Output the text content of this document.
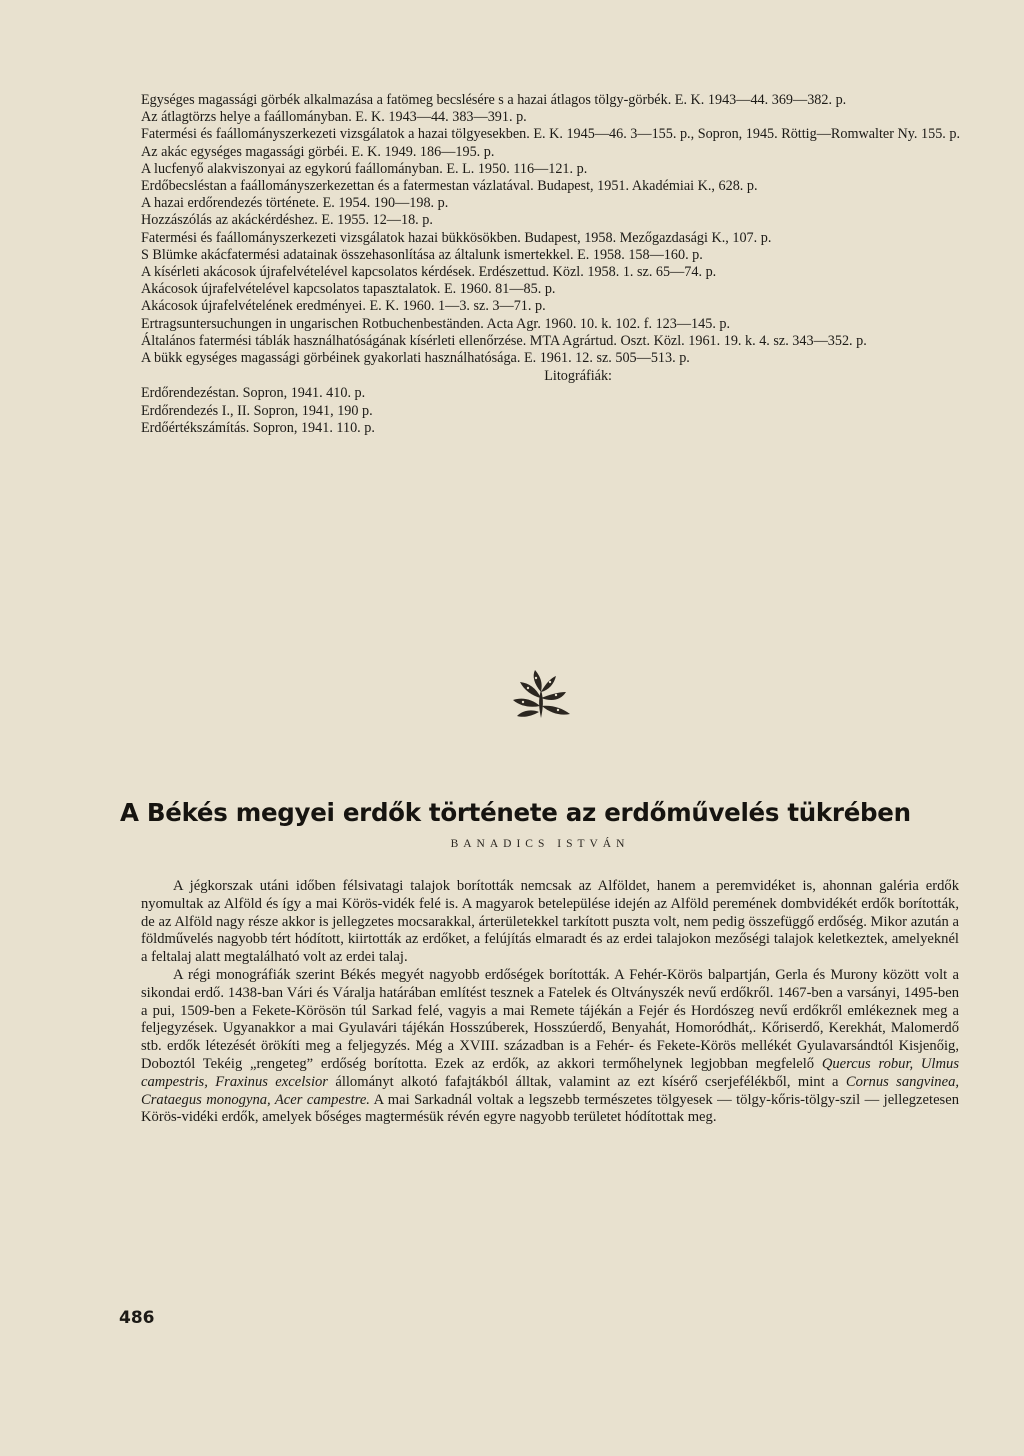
Egységes magassági görbék alkalmazása a fatömeg becslésére s a hazai átlagos tölgy-görbék. E. K. 1943—44. 369—382. p.
Az átlagtörzs helye a faállományban. E. K. 1943—44. 383—391. p.
Fatermési és faállományszerkezeti vizsgálatok a hazai tölgyesekben. E. K. 1945—46. 3—155. p., Sopron, 1945. Röttig—Romwalter Ny. 155. p.
Az akác egységes magassági görbéi. E. K. 1949. 186—195. p.
A lucfenyő alakviszonyai az egykorú faállományban. E. L. 1950. 116—121. p.
Erdőbecsléstan a faállományszerkezettan és a fatermestan vázlatával. Budapest, 1951. Akadémiai K., 628. p.
A hazai erdőrendezés története. E. 1954. 190—198. p.
Hozzászólás az akáckérdéshez. E. 1955. 12—18. p.
Fatermési és faállományszerkezeti vizsgálatok hazai bükkösökben. Budapest, 1958. Mezőgazdasági K., 107. p.
S Blümke akácfatermési adatainak összehasonlítása az általunk ismertekkel. E. 1958. 158—160. p.
A kísérleti akácosok újrafelvételével kapcsolatos kérdések. Erdészettud. Közl. 1958. 1. sz. 65—74. p.
Akácosok újrafelvételével kapcsolatos tapasztalatok. E. 1960. 81—85. p.
Akácosok újrafelvételének eredményei. E. K. 1960. 1—3. sz. 3—71. p.
Ertragsuntersuchungen in ungarischen Rotbuchenbeständen. Acta Agr. 1960. 10. k. 102. f. 123—145. p.
Általános fatermési táblák használhatóságának kísérleti ellenőrzése. MTA Agrártud. Oszt. Közl. 1961. 19. k. 4. sz. 343—352. p.
A bükk egységes magassági görbéinek gyakorlati használhatósága. E. 1961. 12. sz. 505—513. p.
Litográfiák:
Erdőrendezéstan. Sopron, 1941. 410. p.
Erdőrendezés I., II. Sopron, 1941, 190 p.
Erdőértékszámítás. Sopron, 1941. 110. p.
A Békés megyei erdők története az erdőművelés tükrében
BANADICS ISTVÁN

A jégkorszak utáni időben félsivatagi talajok borították nemcsak az Alföldet, hanem a peremvidéket is, ahonnan galéria erdők nyomultak az Alföld és így a mai Körös-vidék felé is. A magyarok betelepülése idején az Alföld peremének dombvidékét erdők borították, de az Alföld nagy része akkor is jellegzetes mocsarakkal, árterületekkel tarkított puszta volt, nem pedig összefüggő erdőség. Mikor azután a földművelés nagyobb tért hódított, kiirtották az erdőket, a felújítás elmaradt és az erdei talajokon mezőségi talajok keletkeztek, amelyeknél a feltalaj alatt megtalálható volt az erdei talaj.

A régi monográfiák szerint Békés megyét nagyobb erdőségek borították. A Fehér-Körös balpartján, Gerla és Murony között volt a sikondai erdő. 1438-ban Vári és Váralja határában említést tesznek a Fatelek és Oltványszék nevű erdőkről. 1467-ben a varsányi, 1495-ben a pui, 1509-ben a Fekete-Körösön túl Sarkad felé, vagyis a mai Remete tájékán a Fejér és Hordószeg nevű erdőkről emlékeznek meg a feljegyzések. Ugyanakkor a mai Gyulavári tájékán Hosszúberek, Hosszúerdő, Benyahát, Homoródhát,. Kőriserdő, Kerekhát, Malomerdő stb. erdők létezését örökíti meg a feljegyzés. Még a XVIII. században is a Fehér- és Fekete-Körös mellékét Gyulavarsándtól Kisjenőig, Doboztól Tekéig „rengeteg” erdőség borította. Ezek az erdők, az akkori termőhelynek legjobban megfelelő Quercus robur, Ulmus campestris, Fraxinus excelsior állományt alkotó fafajtákból álltak, valamint az ezt kísérő cserjefélékből, mint a Cornus sangvinea, Crataegus monogyna, Acer campestre. A mai Sarkadnál voltak a legszebb természetes tölgyesek — tölgy-kőris-tölgy-szil — jellegzetesen Körös-vidéki erdők, amelyek bőséges magtermésük révén egyre nagyobb területet hódítottak meg.

486
